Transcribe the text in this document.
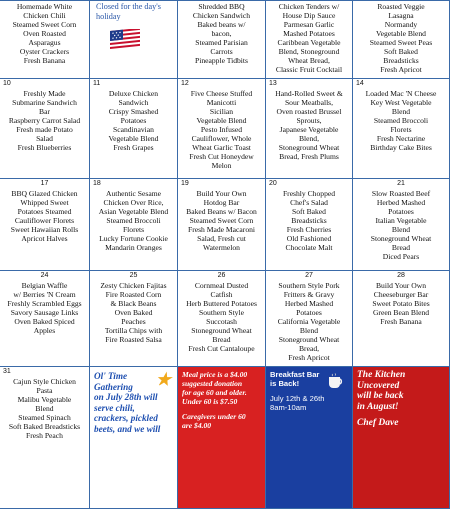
Homemade White
Chicken Chili
Steamed Sweet Corn
Oven Roasted
Asparagus
Oyster Crackers
Fresh Banana
Closed for the day's holiday
Shredded BBQ
Chicken Sandwich
Baked beans w/
bacon,
Steamed Parisian
Carrots
Pineapple Tidbits
Chicken Tenders w/
House Dip Sauce
Parmesan Garlic
Mashed Potatoes
Caribbean Vegetable
Blend, Stoneground
Wheat Bread,
Classic Fruit Cocktail
Roasted Veggie
Lasagna
Normandy
Vegetable Blend
Steamed Sweet Peas
Soft Baked
Breadsticks
Fresh Apricot
10
Freshly Made
Submarine Sandwich
Bar
Raspberry Carrot Salad
Fresh made Potato
Salad
Fresh Blueberries
11
Deluxe Chicken
Sandwich
Crispy Smashed
Potatoes
Scandinavian
Vegetable Blend
Fresh Grapes
12
Five Cheese Stuffed
Manicotti
Sicilian
Vegetable Blend
Pesto Infused
Cauliflower, Whole
Wheat Garlic Toast
Fresh Cut Honeydew
Melon
13
Hand-Rolled Sweet &
Sour Meatballs,
Oven roasted Brussel
Sprouts,
Japanese Vegetable
Blend,
Stoneground Wheat
Bread, Fresh Plums
14
Loaded Mac 'N Cheese
Key West Vegetable
Blend
Steamed Broccoli
Florets
Fresh Nectarine
Birthday Cake Bites
17
BBQ Glazed Chicken
Whipped Sweet
Potatoes Steamed
Cauliflower Florets
Sweet Hawaiian Rolls
Apricot Halves
18
Authentic Sesame
Chicken Over Rice,
Asian Vegetable Blend
Steamed Broccoli
Florets
Lucky Fortune Cookie
Mandarin Oranges
19
Build Your Own
Hotdog Bar
Baked Beans w/ Bacon
Steamed Sweet Corn
Fresh Made Macaroni
Salad, Fresh cut
Watermelon
20
Freshly Chopped
Chef's Salad
Soft Baked
Breadsticks
Fresh Cherries
Old Fashioned
Chocolate Malt
21
Slow Roasted Beef
Herbed Mashed
Potatoes
Italian Vegetable
Blend
Stoneground Wheat
Bread
Diced Pears
24
Belgian Waffle
w/ Berries 'N Cream
Freshly Scrambled Eggs
Savory Sausage Links
Oven Baked Spiced
Apples
25
Zesty Chicken Fajitas
Fire Roasted Corn
& Black Beans
Oven Baked
Peaches
Tortilla Chips with
Fire Roasted Salsa
26
Cornmeal Dusted
Catfish
Herb Buttered Potatoes
Southern Style
Succotash
Stoneground Wheat
Bread
Fresh Cut Cantaloupe
27
Southern Style Pork
Fritters & Gravy
Herbed Mashed
Potatoes
California Vegetable
Blend
Stoneground Wheat
Bread,
Fresh Apricot
28
Build Your Own
Cheeseburger Bar
Sweet Potato Bites
Green Bean Blend
Fresh Banana
31
Cajun Style Chicken
Pasta
Malibu Vegetable
Blend
Steamed Spinach
Soft Baked Breadsticks
Fresh Peach
★
Ol' Time
Gathering
on July 28th will
serve chili,
crackers, pickled
beets, and we will
Meal price is a $4.00
suggested donation
for age 60 and older.
Under 60 is $7.50
Caregivers under 60
are $4.00
Breakfast Bar is Back!
July 12th & 26th
8am-10am
The Kitchen
Uncovered
will be back
in August!
Chef Dave
